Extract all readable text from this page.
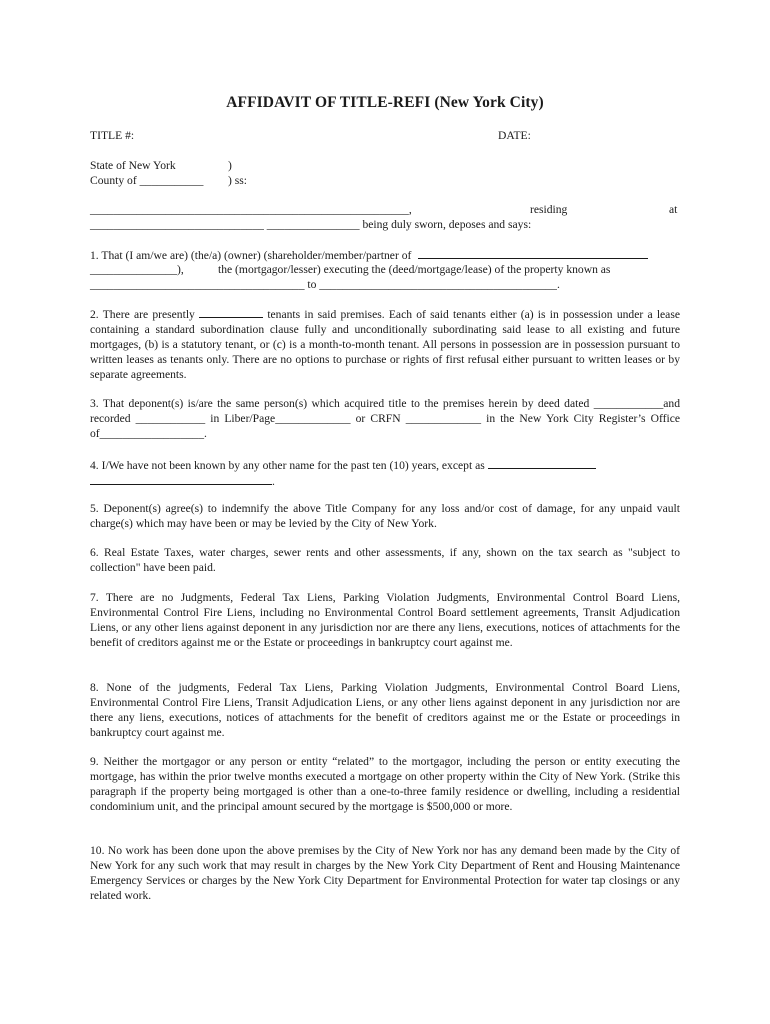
AFFIDAVIT OF TITLE-REFI (New York City)
TITLE #:	DATE:
State of New York	)
County of ___________ ) ss:
_______________________________________________________,	residing	at
______________________________ ________________ being duly sworn, deposes and says:
1. That (I am/we are) (the/a) (owner) (shareholder/member/partner of
_______________),	the (mortgagor/lesser) executing the (deed/mortgage/lease) of the property known as
_____________________________________ to _________________________________________.
2. There are presently	tenants in said premises. Each of said tenants either (a) is in possession under a lease containing a standard subordination clause fully and unconditionally subordinating said lease to all existing and future mortgages, (b) is a statutory tenant, or (c) is a month-to-month tenant. All persons in possession are in possession pursuant to written leases as tenants only. There are no options to purchase or rights of first refusal either pursuant to written leases or by separate agreements.
3. That deponent(s) is/are the same person(s) which acquired title to the premises herein by deed dated ____________and recorded ____________ in Liber/Page_____________ or CRFN _____________ in the New York City Register’s Office of__________________.
4. I/We have not been known by any other name for the past ten (10) years, except as
.
5. Deponent(s) agree(s) to indemnify the above Title Company for any loss and/or cost of damage, for any unpaid vault charge(s) which may have been or may be levied by the City of New York.
6. Real Estate Taxes, water charges, sewer rents and other assessments, if any, shown on the tax search as "subject to collection" have been paid.
7. There are no Judgments, Federal Tax Liens, Parking Violation Judgments, Environmental Control Board Liens, Environmental Control Fire Liens, including no Environmental Control Board settlement agreements, Transit Adjudication Liens, or any other liens against deponent in any jurisdiction nor are there any liens, executions, notices of attachments for the benefit of creditors against me or the Estate or proceedings in bankruptcy court against me.
8. None of the judgments, Federal Tax Liens, Parking Violation Judgments, Environmental Control Board Liens, Environmental Control Fire Liens, Transit Adjudication Liens, or any other liens against deponent in any jurisdiction nor are there any liens, executions, notices of attachments for the benefit of creditors against me or the Estate or proceedings in bankruptcy court against me.
9. Neither the mortgagor or any person or entity “related” to the mortgagor, including the person or entity executing the mortgage, has within the prior twelve months executed a mortgage on other property within the City of New York. (Strike this paragraph if the property being mortgaged is other than a one-to-three family residence or dwelling, including a residential condominium unit, and the principal amount secured by the mortgage is $500,000 or more.
10. No work has been done upon the above premises by the City of New York nor has any demand been made by the City of New York for any such work that may result in charges by the New York City Department of Rent and Housing Maintenance Emergency Services or charges by the New York City Department for Environmental Protection for water tap closings or any related work.
